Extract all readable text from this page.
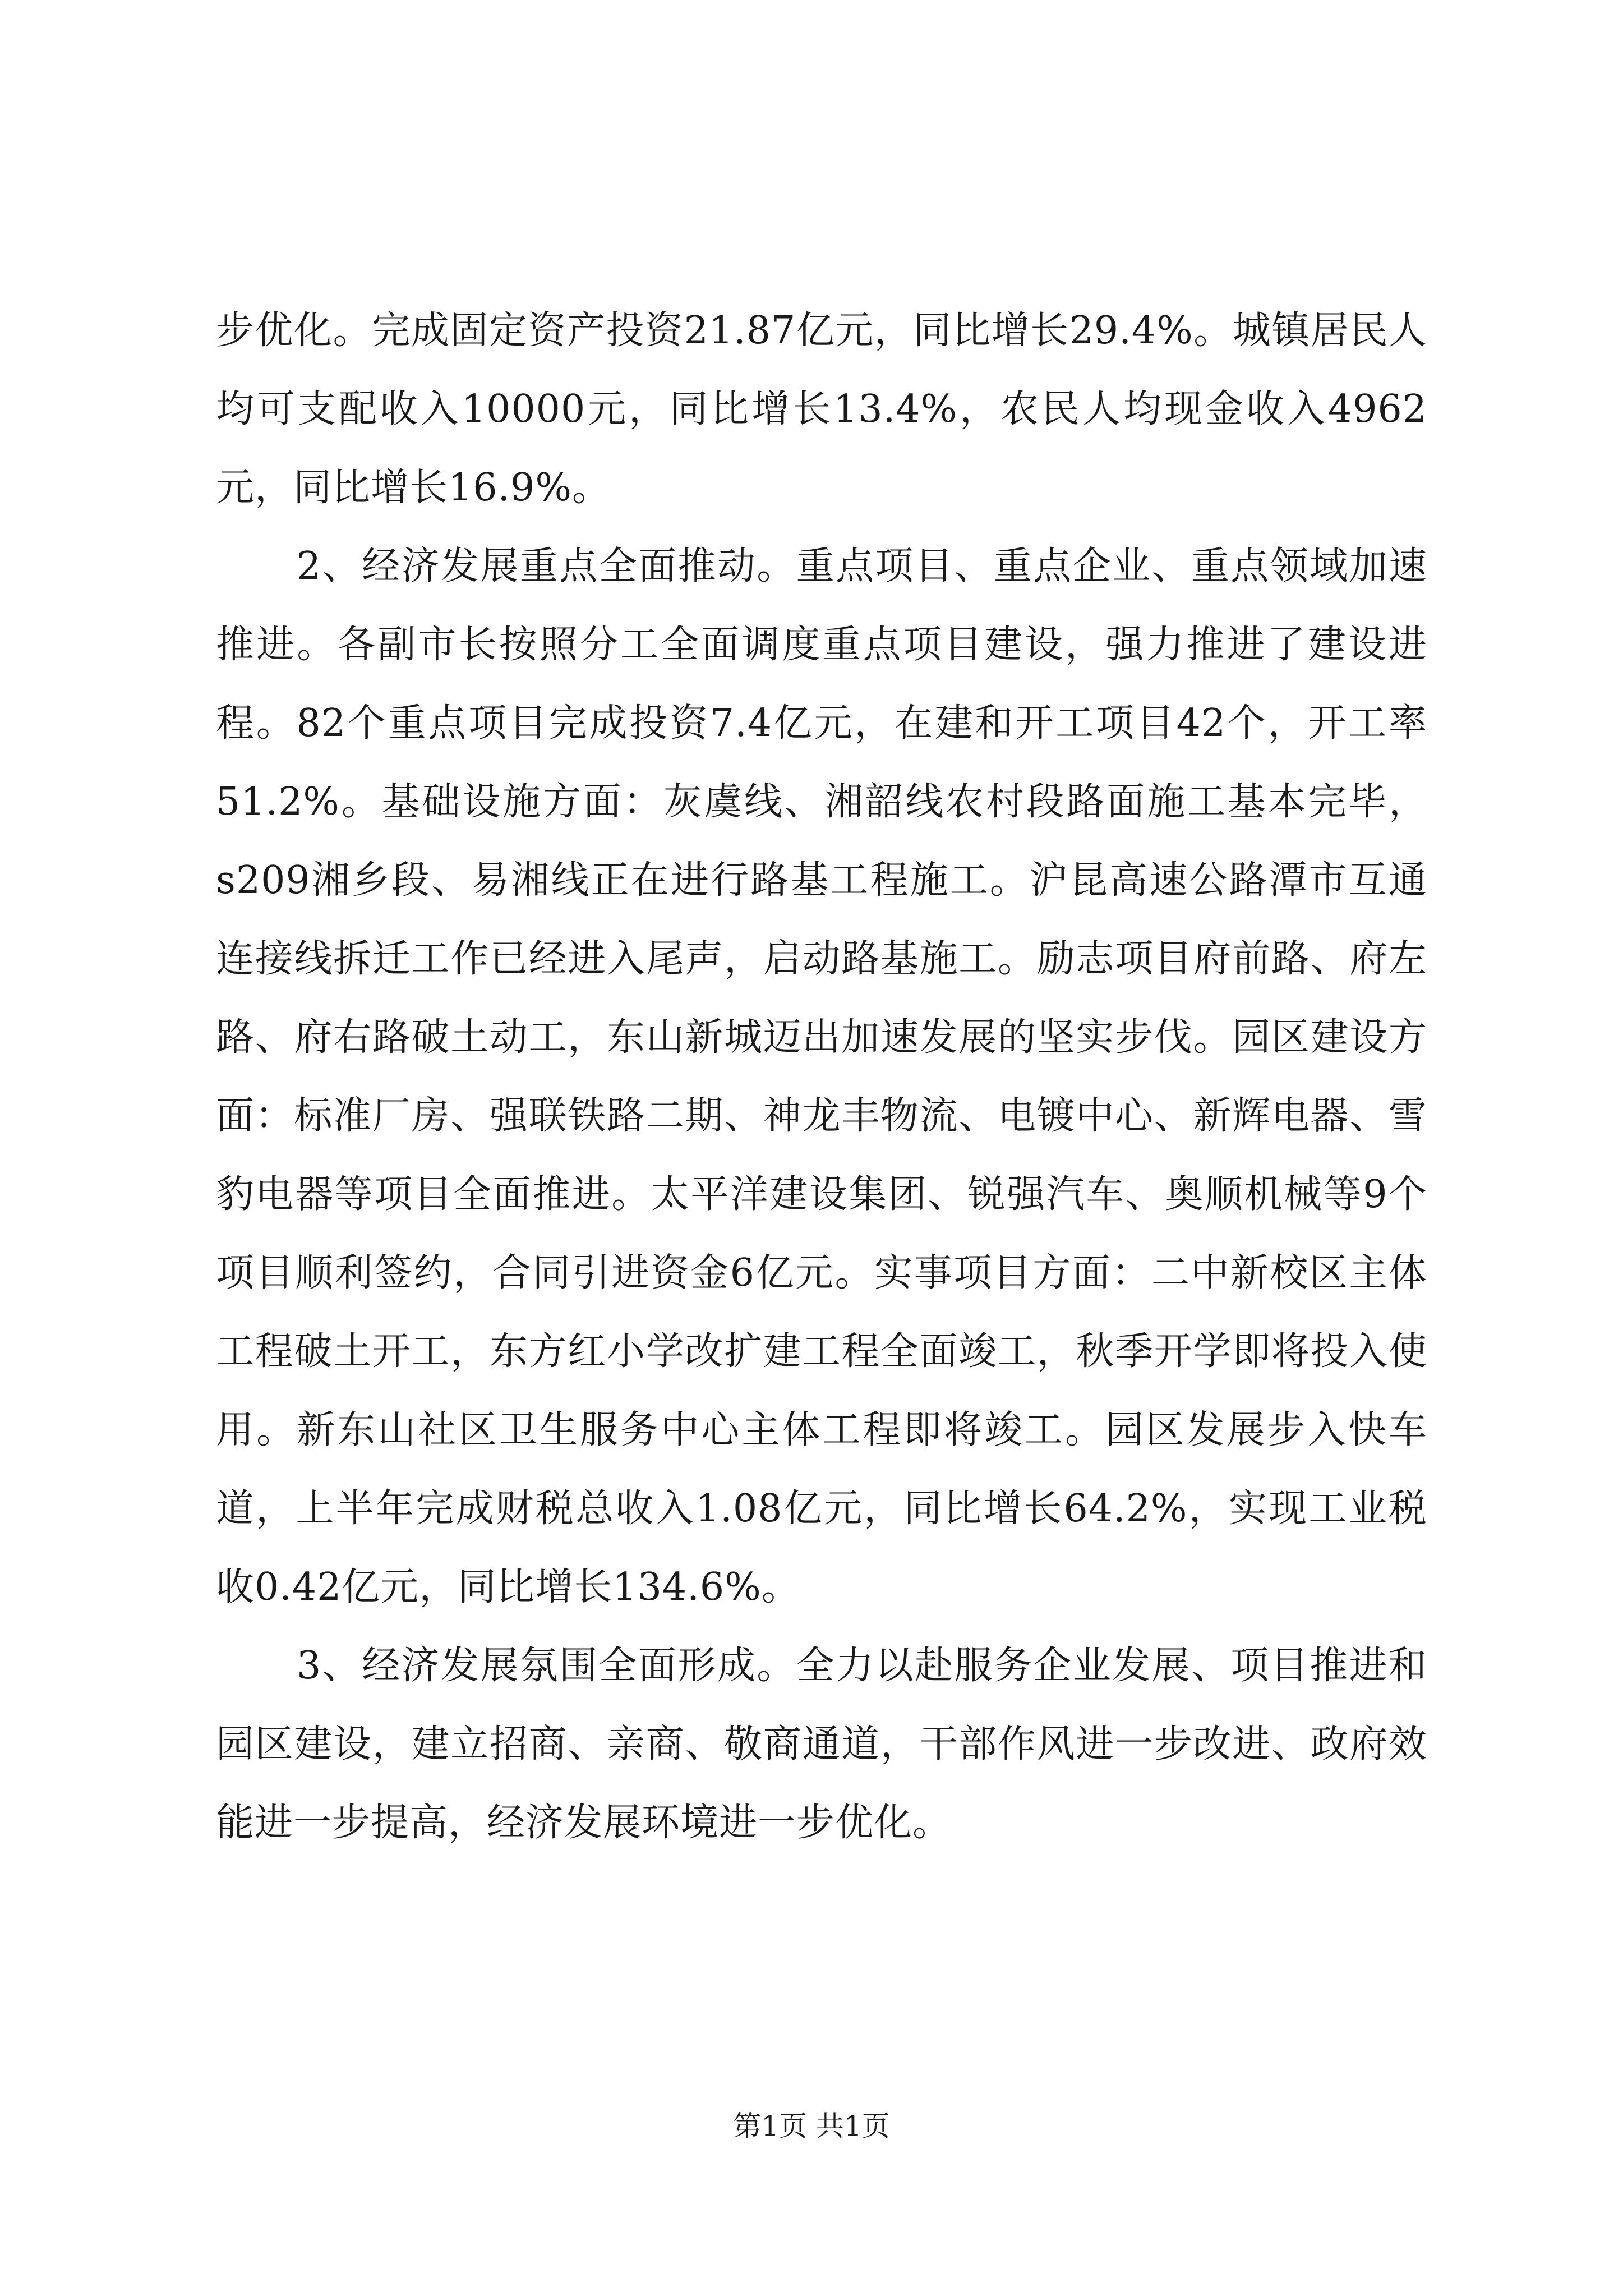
步优化。完成固定资产投资21.87亿元，同比增长29.4%。城镇居民人均可支配收入10000元，同比增长13.4%，农民人均现金收入4962元，同比增长16.9%。

2、经济发展重点全面推动。重点项目、重点企业、重点领域加速推进。各副市长按照分工全面调度重点项目建设，强力推进了建设进程。82个重点项目完成投资7.4亿元，在建和开工项目42个，开工率51.2%。基础设施方面：灰虞线、湘韶线农村段路面施工基本完毕，s209湘乡段、易湘线正在进行路基工程施工。沪昆高速公路潭市互通连接线拆迁工作已经进入尾声，启动路基施工。励志项目府前路、府左路、府右路破土动工，东山新城迈出加速发展的坚实步伐。园区建设方面：标准厂房、强联铁路二期、神龙丰物流、电镀中心、新辉电器、雪豹电器等项目全面推进。太平洋建设集团、锐强汽车、奥顺机械等9个项目顺利签约，合同引进资金6亿元。实事项目方面：二中新校区主体工程破土开工，东方红小学改扩建工程全面竣工，秋季开学即将投入使用。新东山社区卫生服务中心主体工程即将竣工。园区发展步入快车道，上半年完成财税总收入1.08亿元，同比增长64.2%，实现工业税收0.42亿元，同比增长134.6%。

3、经济发展氛围全面形成。全力以赴服务企业发展、项目推进和园区建设，建立招商、亲商、敬商通道，干部作风进一步改进、政府效能进一步提高，经济发展环境进一步优化。

第1页 共1页
